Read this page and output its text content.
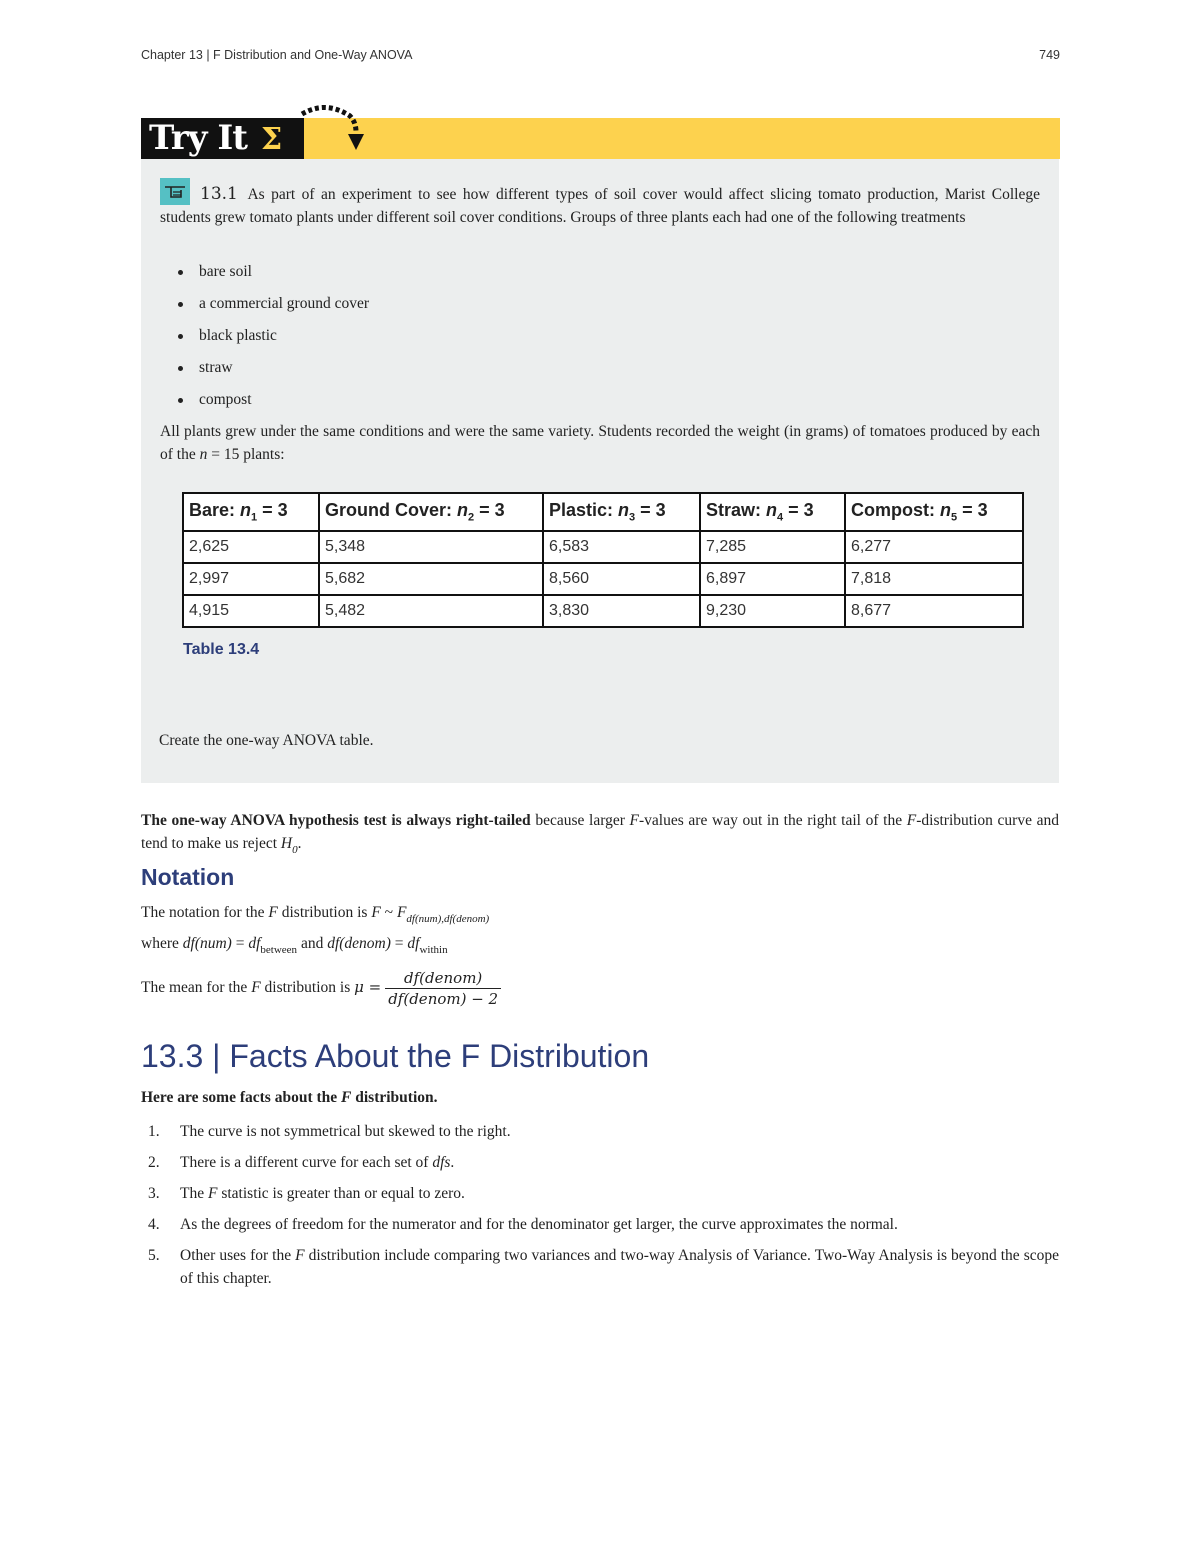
Chapter 13 | F Distribution and One-Way ANOVA	749
Try It Σ
13.1 As part of an experiment to see how different types of soil cover would affect slicing tomato production, Marist College students grew tomato plants under different soil cover conditions. Groups of three plants each had one of the following treatments
bare soil
a commercial ground cover
black plastic
straw
compost
All plants grew under the same conditions and were the same variety. Students recorded the weight (in grams) of tomatoes produced by each of the n = 15 plants:
Bare: $n_1 = 3$	Ground Cover: $n_2 = 3$	Plastic: $n_3 = 3$	Straw: $n_4 = 3$	Compost: $n_5 = 3$
2,625	5,348	6,583	7,285	6,277
2,997	5,682	8,560	6,897	7,818
4,915	5,482	3,830	9,230	8,677
Table 13.4
Create the one-way ANOVA table.
The one-way ANOVA hypothesis test is always right-tailed because larger F-values are way out in the right tail of the F-distribution curve and tend to make us reject $H_0$.
Notation
The notation for the F distribution is F ~ $F_{df(num),df(denom)}$
where $df(num) = df_{between}$ and df(denom) = $df_{within}$
The mean for the F distribution is $\mu = \frac{\text{df(denom)}}{\text{df(denom) − 2}}$
13.3 | Facts About the F Distribution
Here are some facts about the F distribution.
1. The curve is not symmetrical but skewed to the right.
2. There is a different curve for each set of dfs.
3. The F statistic is greater than or equal to zero.
4. As the degrees of freedom for the numerator and for the denominator get larger, the curve approximates the normal.
5. Other uses for the F distribution include comparing two variances and two-way Analysis of Variance. Two-Way Analysis is beyond the scope of this chapter.
